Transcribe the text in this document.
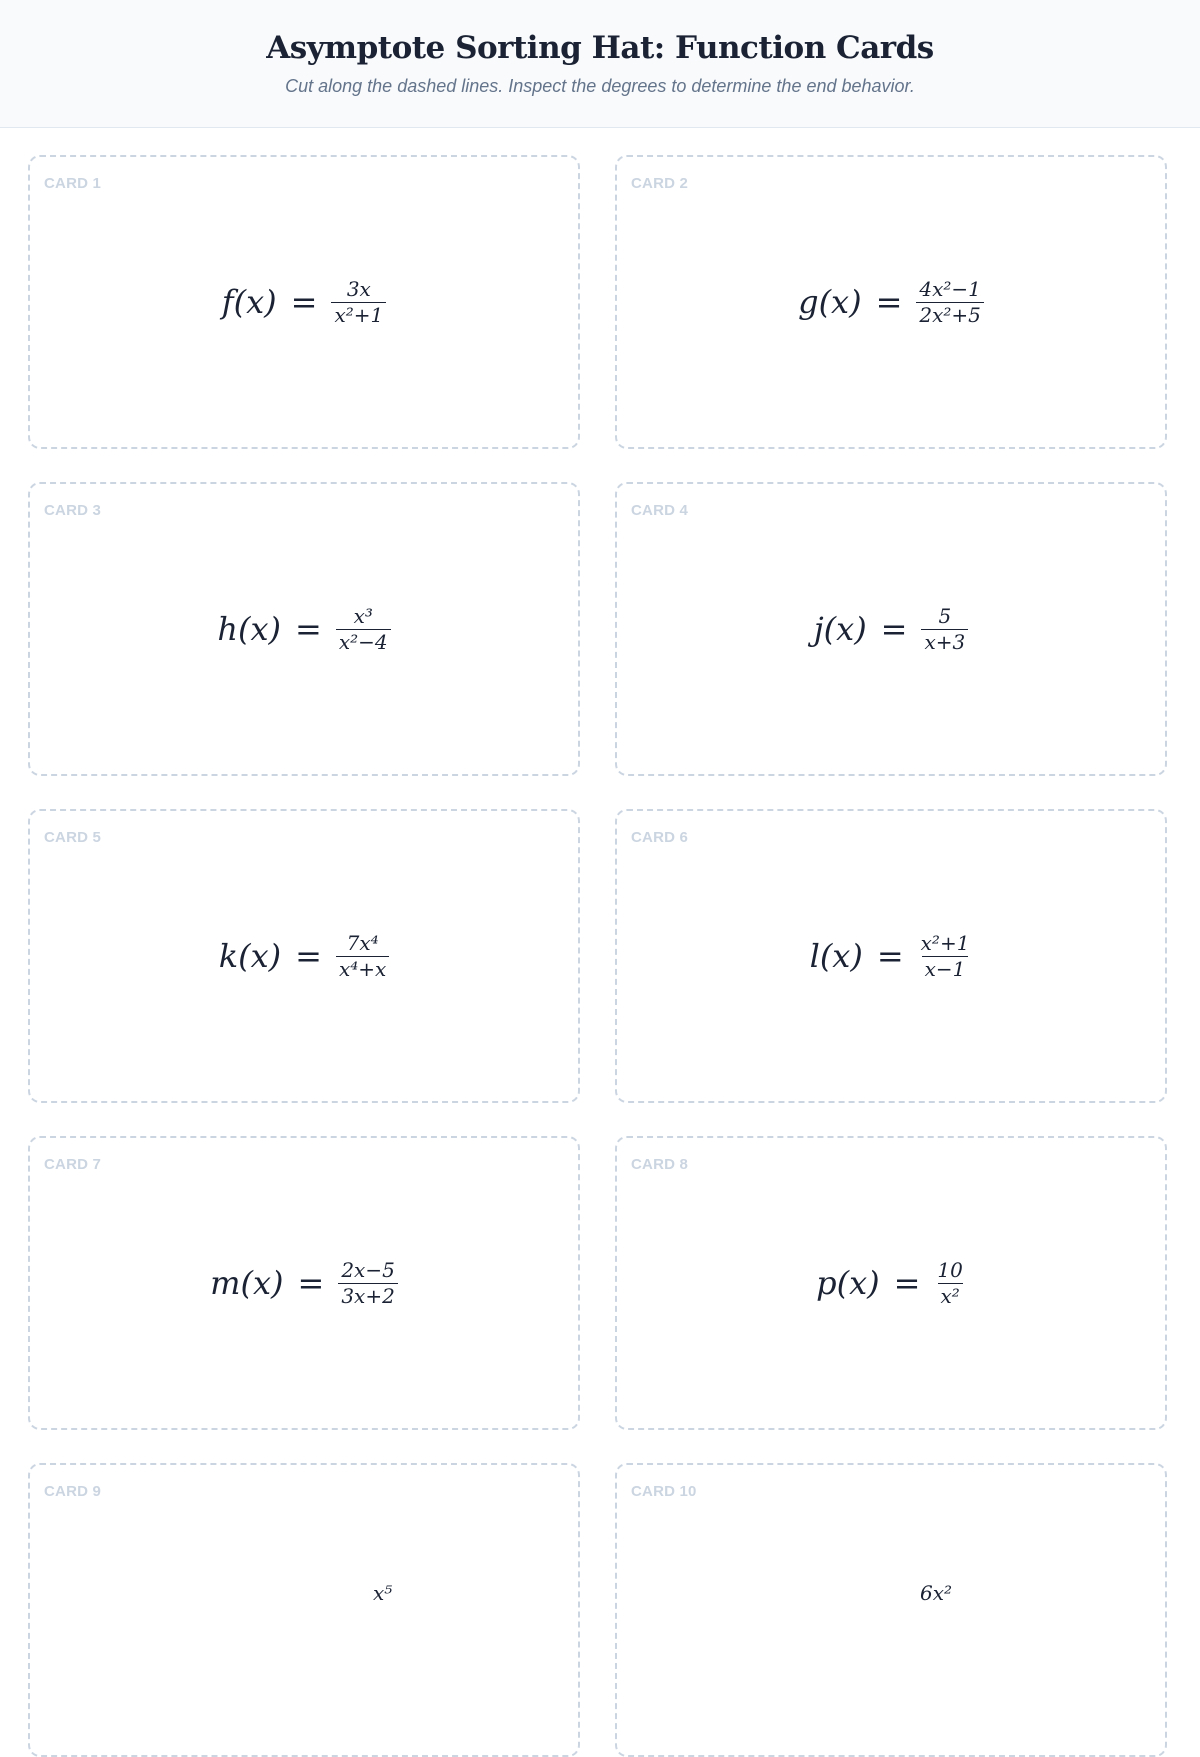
Asymptote Sorting Hat: Function Cards
Cut along the dashed lines. Inspect the degrees to determine the end behavior.
CARD 1
$f(x) = \frac{3x}{\text{x²+1}}$
CARD 2
$g(x) = \frac{\text{4x²−1}}{\text{2x²+5}}$
CARD 3
$h(x) = \frac{\text{x³}}{\text{x²−4}}$
CARD 4
$j(x) = \frac{5}{x+3}$
CARD 5
$k(x) = \frac{\text{7x⁴}}{\text{x⁴+x}}$
CARD 6
$l(x) = \frac{\text{x²+1}}{x-1}$
CARD 7
$m(x) = \frac{2x-5}{3x+2}$
CARD 8
$p(x) = \frac{10}{\text{x²}}$
CARD 9
x⁵
CARD 10
6x²
